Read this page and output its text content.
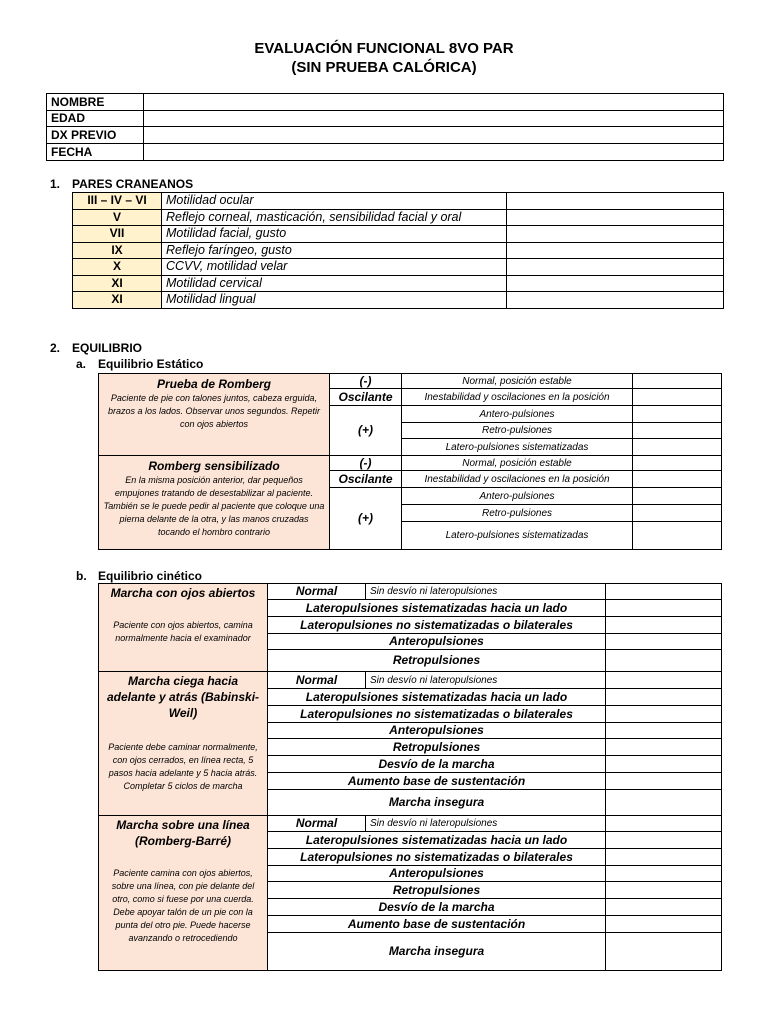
EVALUACIÓN FUNCIONAL 8VO PAR
(SIN PRUEBA CALÓRICA)
NOMBRE	
EDAD	
DX PREVIO	
FECHA	
1. PARES CRANEANOS
III – IV – VI	Motilidad ocular	
V	Reflejo corneal, masticación, sensibilidad facial y oral	
VII	Motilidad facial, gusto	
IX	Reflejo faríngeo, gusto	
X	CCVV, motilidad velar	
XI	Motilidad cervical	
XI	Motilidad lingual	
2. EQUILIBRIO
a. Equilibrio Estático
Prueba de Romberg
Paciente de pie con talones juntos, cabeza erguida, brazos a los lados. Observar unos segundos. Repetir con ojos abiertos	(-)	Normal, posición estable	
	Oscilante	Inestabilidad y oscilaciones en la posición	
	(+)	Antero-pulsiones	
		Retro-pulsiones	
		Latero-pulsiones sistematizadas	

Romberg sensibilizado
En la misma posición anterior, dar pequeños empujones tratando de desestabilizar al paciente. También se le puede pedir al paciente que coloque una pierna delante de la otra, y las manos cruzadas tocando el hombro contrario	(-)	Normal, posición estable	
	Oscilante	Inestabilidad y oscilaciones en la posición	
	(+)	Antero-pulsiones	
		Retro-pulsiones	
		Latero-pulsiones sistematizadas	
b. Equilibrio cinético
Marcha con ojos abiertos
Paciente con ojos abiertos, camina normalmente hacia el examinador	Normal	Sin desvío ni lateropulsiones	
	Lateropulsiones sistematizadas hacia un lado		
	Lateropulsiones no sistematizadas o bilaterales		
	Anteropulsiones		
	Retropulsiones		

Marcha ciega hacia adelante y atrás (Babinski-Weil)
Paciente debe caminar normalmente, con ojos cerrados, en línea recta, 5 pasos hacia adelante y 5 hacia atrás. Completar 5 ciclos de marcha	Normal	Sin desvío ni lateropulsiones	
	Lateropulsiones sistematizadas hacia un lado		
	Lateropulsiones no sistematizadas o bilaterales		
	Anteropulsiones		
	Retropulsiones		
	Desvío de la marcha		
	Aumento base de sustentación		
	Marcha insegura		

Marcha sobre una línea (Romberg-Barré)
Paciente camina con ojos abiertos, sobre una línea, con pie delante del otro, como si fuese por una cuerda. Debe apoyar talón de un pie con la punta del otro pie. Puede hacerse avanzando o retrocediendo	Normal	Sin desvío ni lateropulsiones	
	Lateropulsiones sistematizadas hacia un lado		
	Lateropulsiones no sistematizadas o bilaterales		
	Anteropulsiones		
	Retropulsiones		
	Desvío de la marcha		
	Aumento base de sustentación		
	Marcha insegura		
